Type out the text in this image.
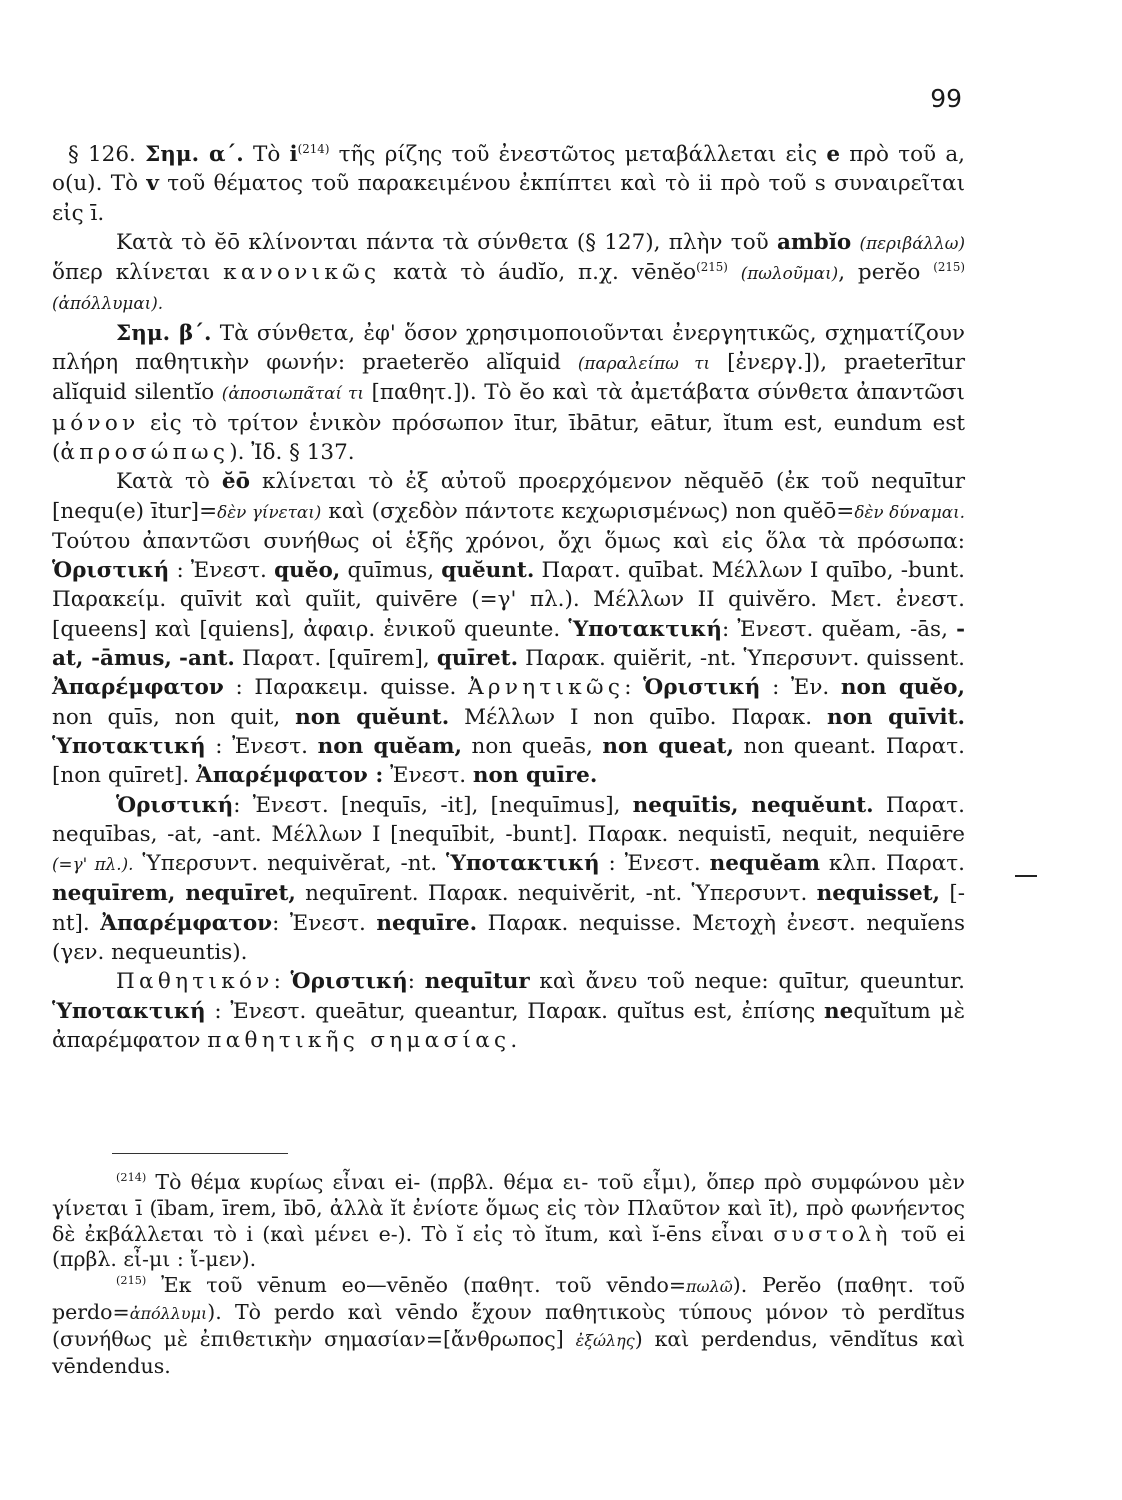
99

§ 126. Σημ. α΄. Τὸ $i^{(214)}$ τῆς ρίζης τοῦ ἐνεστῶτος μεταβάλλεται εἰς e πρὸ τοῦ a, o(u). Τὸ v τοῦ θέματος τοῦ παρακειμένου ἐκπίπτει καὶ τὸ ii πρὸ τοῦ s συναιρεῖται εἰς ī.

Κατὰ τὸ ĕō κλίνονται πάντα τὰ σύνθετα (§ 127), πλὴν τοῦ ambĭo (περιβάλλω) ὅπερ κλίνεται κανονικῶς κατὰ τὸ áudĭo, π.χ. vēnĕo$^{(215)}$ (πωλοῦμαι), perĕo $^{(215)}$ (ἀπόλλυμαι).

Σημ. β΄. Τὰ σύνθετα, ἐφ' ὅσον χρησιμοποιοῦνται ἐνεργητικῶς, σχηματίζουν πλήρη παθητικὴν φωνήν: praeterĕo alĭquid (παραλείπω τι [ἐνεργ.]), praeterītur alĭquid silentĭo (ἀποσιωπᾶταί τι [παθητ.]). Τὸ ĕo καὶ τὰ ἀμετάβατα σύνθετα ἀπαντῶσι μόνον εἰς τὸ τρίτον ἑνικὸν πρόσωπον ītur, ībātur, eātur, ĭtum est, eundum est (ἀπροσώπως). Ἰδ. § 137.

Κατὰ τὸ ĕō κλίνεται τὸ ἐξ αὐτοῦ προερχόμενον nĕquĕō (ἐκ τοῦ nequītur [nequ(e) ītur]=δὲν γίνεται) καὶ (σχεδὸν πάντοτε κεχωρισμένως) non quĕō=δὲν δύναμαι. Τούτου ἀπαντῶσι συνήθως οἱ ἑξῆς χρόνοι, ὄχι ὅμως καὶ εἰς ὅλα τὰ πρόσωπα: Ὁριστική : Ἐνεστ. quĕo, quīmus, quĕunt. Παρατ. quībat. Μέλλων I quībo, -bunt. Παρακείμ. quīvit καὶ quĭit, quivēre (=γ' πλ.). Μέλλων II quivĕro. Μετ. ἐνεστ. [queens] καὶ [quiens], ἀφαιρ. ἑνικοῦ queunte. Ὑποτακτική: Ἐνεστ. quĕam, -ās, -at, -āmus, -ant. Παρατ. [quīrem], quīret. Παρακ. quiĕrit, -nt. Ὑπερσυντ. quissent. Ἀπαρέμφατον : Παρακειμ. quisse. Ἀρνητικῶς: Ὁριστική : Ἐν. non quĕo, non quīs, non quit, non quĕunt. Μέλλων I non quībo. Παρακ. non quīvit. Ὑποτακτική : Ἐνεστ. non quĕam, non queās, non queat, non queant. Παρατ. [non quīret]. Ἀπαρέμφατον : Ἐνεστ. non quīre.

Ὁριστική: Ἐνεστ. [nequīs, -it], [nequīmus], nequītis, nequĕunt. Παρατ. nequības, -at, -ant. Μέλλων I [nequībit, -bunt]. Παρακ. nequistī, nequit, nequiēre (=γ' πλ.). Ὑπερσυντ. nequivĕrat, -nt. Ὑποτακτική : Ἐνεστ. nequĕam κλπ. Παρατ. nequīrem, nequīret, nequīrent. Παρακ. nequivĕrit, -nt. Ὑπερσυντ. nequisset, [-nt]. Ἀπαρέμφατον: Ἐνεστ. nequīre. Παρακ. nequisse. Μετοχὴ ἐνεστ. nequĭens (γεν. nequeuntis).

Παθητικόν: Ὁριστική: nequītur καὶ ἄνευ τοῦ neque: quītur, queuntur. Ὑποτακτική : Ἐνεστ. queātur, queantur, Παρακ. quĭtus est, ἐπίσης nequĭtum μὲ ἀπαρέμφατον παθητικῆς σημασίας.

$^{(214)}$ Τὸ θέμα κυρίως εἶναι ei- (πρβλ. θέμα ει- τοῦ εἶμι), ὅπερ πρὸ συμφώνου μὲν γίνεται ī (ībam, īrem, ībō, ἀλλὰ ĭt ἐνίοτε ὅμως εἰς τὸν Πλαῦτον καὶ īt), πρὸ φωνήεντος δὲ ἐκβάλλεται τὸ i (καὶ μένει e-). Τὸ ĭ εἰς τὸ ĭtum, καὶ ĭ-ēns εἶναι συστολὴ τοῦ ei (πρβλ. εἶ-μι : ἴ-μεν).

$^{(215)}$ Ἐκ τοῦ vēnum eo—vēnĕo (παθητ. τοῦ vēndo=πωλῶ). Perĕo (παθητ. τοῦ perdo=ἀπόλλυμι). Τὸ perdo καὶ vēndo ἔχουν παθητικοὺς τύπους μόνον τὸ perdĭtus (συνήθως μὲ ἐπιθετικὴν σημασίαν=[ἄνθρωπος] ἐξώλης) καὶ perdendus, vēndĭtus καὶ vēndendus.
